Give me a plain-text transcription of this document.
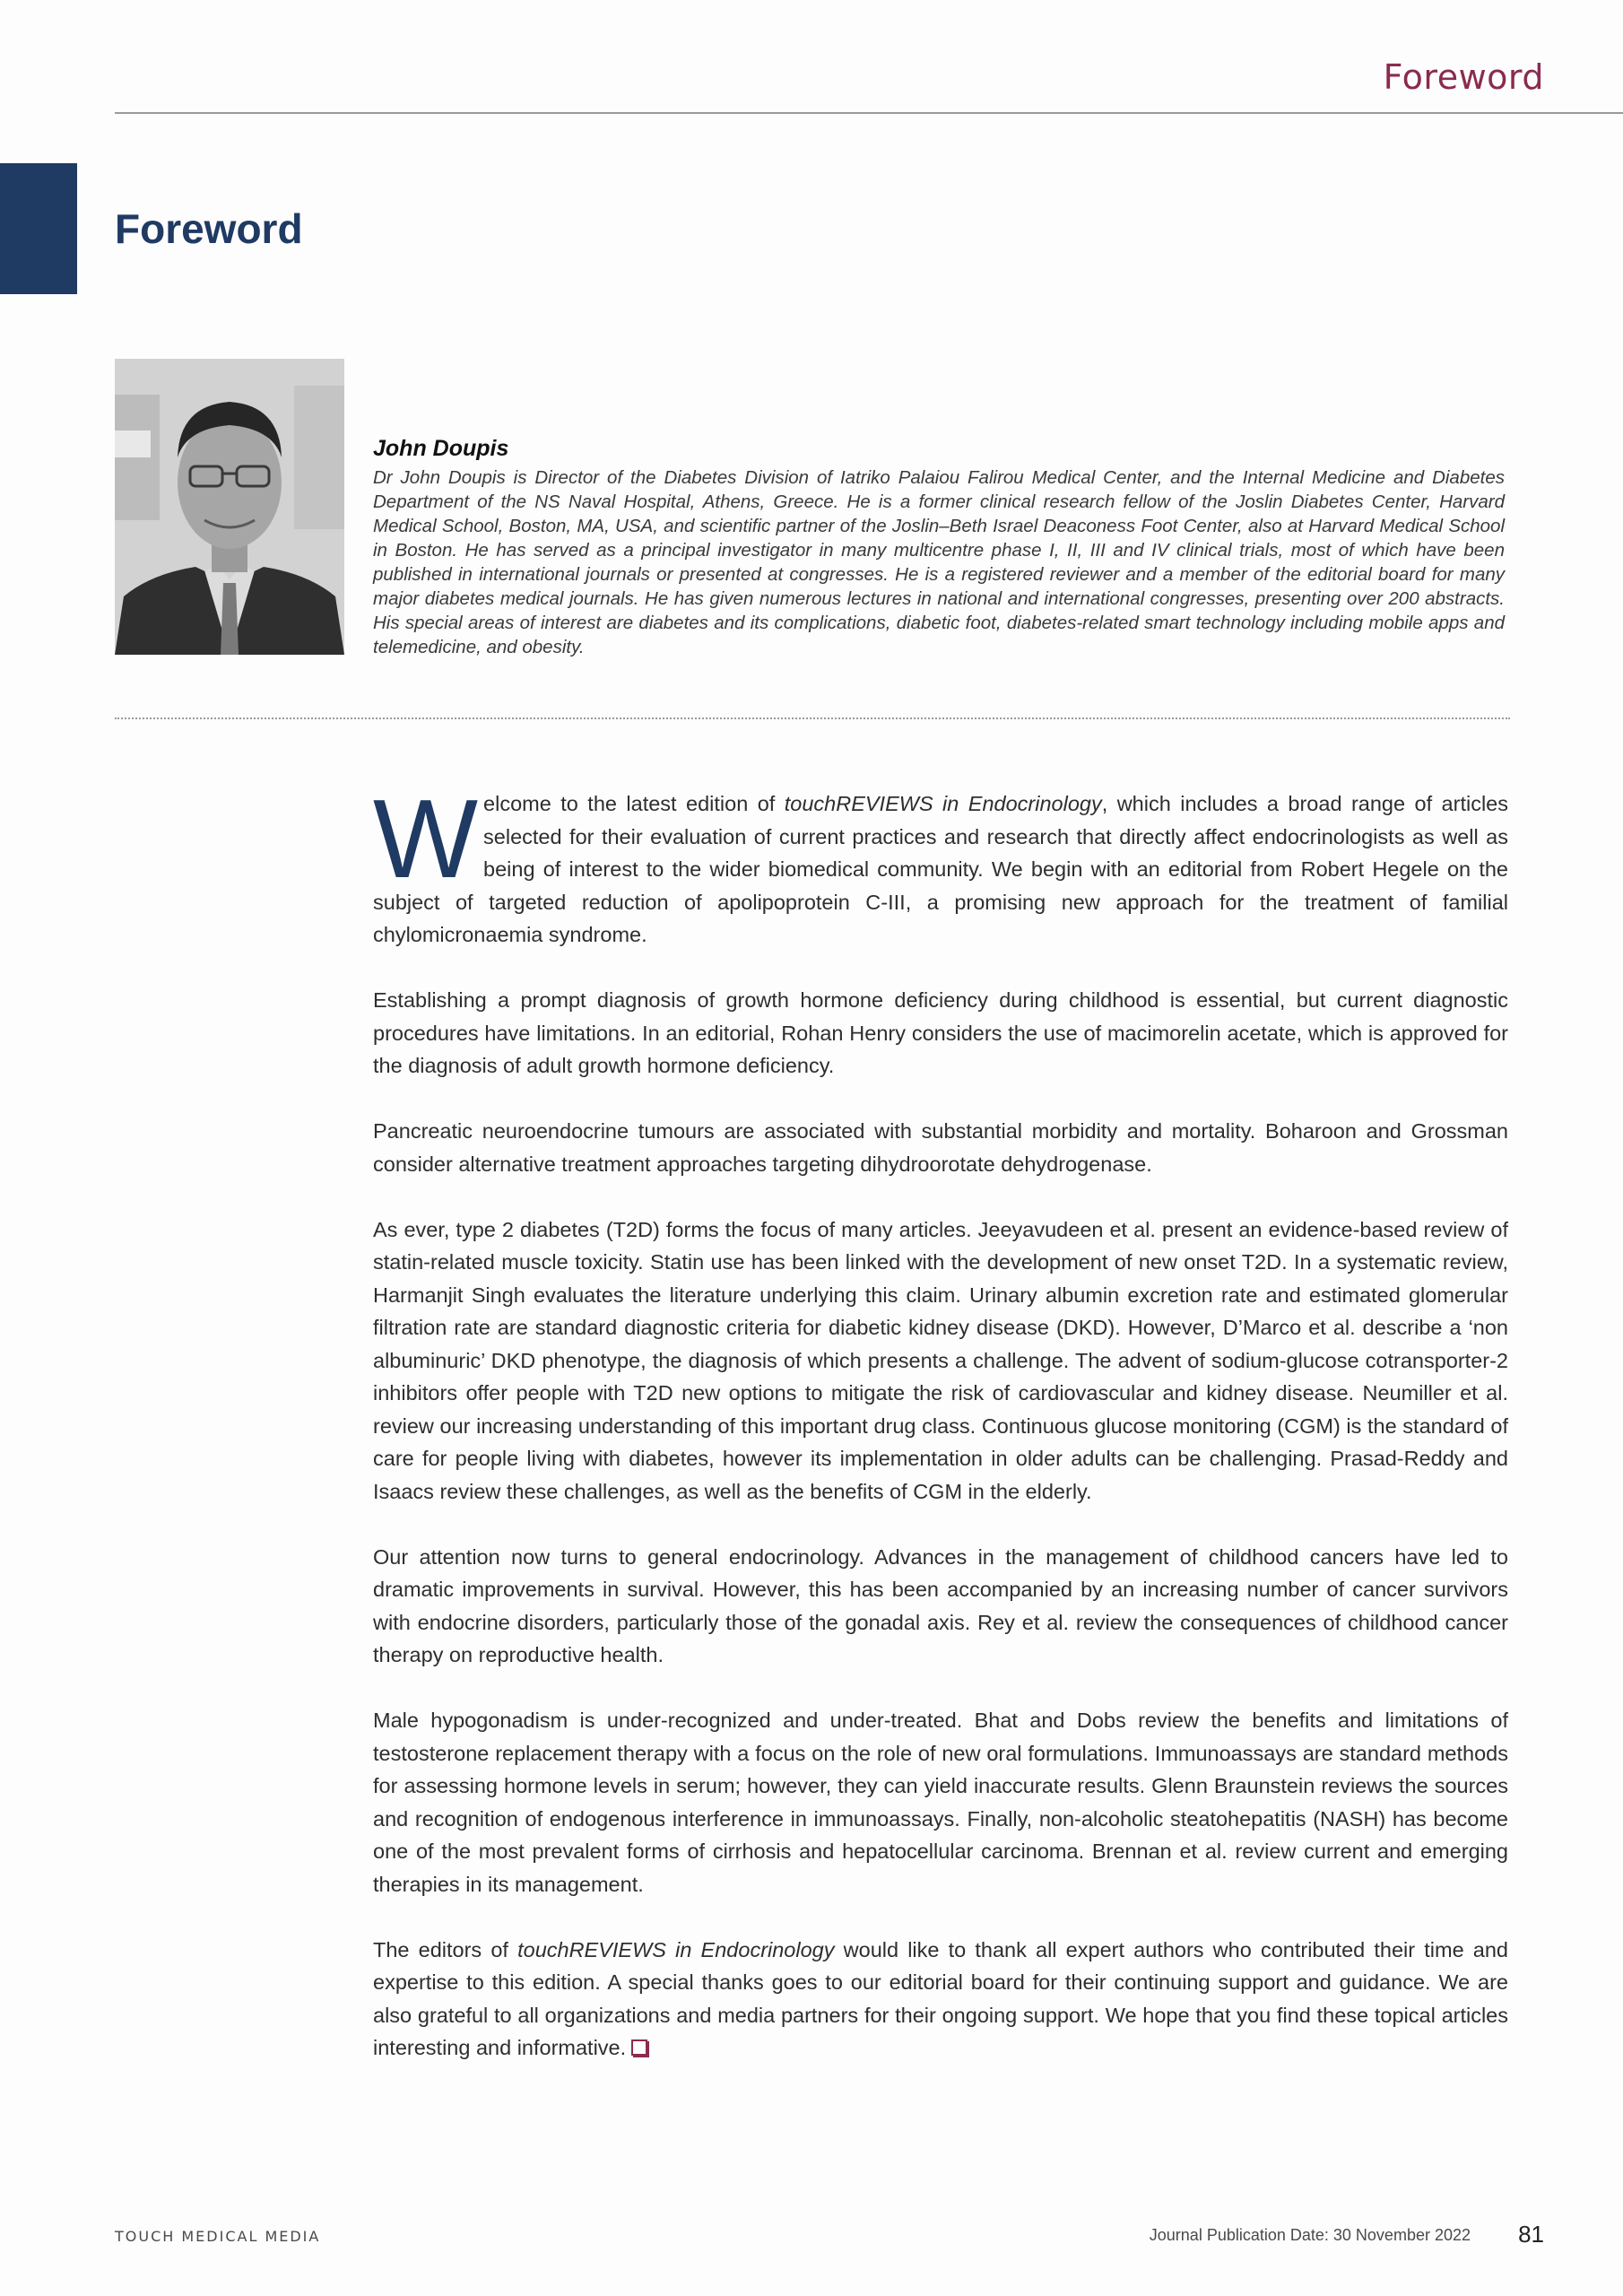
Foreword
Foreword

John Doupis

Dr John Doupis is Director of the Diabetes Division of Iatriko Palaiou Falirou Medical Center, and the Internal Medicine and Diabetes Department of the NS Naval Hospital, Athens, Greece. He is a former clinical research fellow of the Joslin Diabetes Center, Harvard Medical School, Boston, MA, USA, and scientific partner of the Joslin–Beth Israel Deaconess Foot Center, also at Harvard Medical School in Boston. He has served as a principal investigator in many multicentre phase I, II, III and IV clinical trials, most of which have been published in international journals or presented at congresses. He is a registered reviewer and a member of the editorial board for many major diabetes medical journals. He has given numerous lectures in national and international congresses, presenting over 200 abstracts. His special areas of interest are diabetes and its complications, diabetic foot, diabetes-related smart technology including mobile apps and telemedicine, and obesity.

Welcome to the latest edition of touchREVIEWS in Endocrinology, which includes a broad range of articles selected for their evaluation of current practices and research that directly affect endocrinologists as well as being of interest to the wider biomedical community. We begin with an editorial from Robert Hegele on the subject of targeted reduction of apolipoprotein C-III, a promising new approach for the treatment of familial chylomicronaemia syndrome.

Establishing a prompt diagnosis of growth hormone deficiency during childhood is essential, but current diagnostic procedures have limitations. In an editorial, Rohan Henry considers the use of macimorelin acetate, which is approved for the diagnosis of adult growth hormone deficiency.

Pancreatic neuroendocrine tumours are associated with substantial morbidity and mortality. Boharoon and Grossman consider alternative treatment approaches targeting dihydroorotate dehydrogenase.

As ever, type 2 diabetes (T2D) forms the focus of many articles. Jeeyavudeen et al. present an evidence-based review of statin-related muscle toxicity. Statin use has been linked with the development of new onset T2D. In a systematic review, Harmanjit Singh evaluates the literature underlying this claim. Urinary albumin excretion rate and estimated glomerular filtration rate are standard diagnostic criteria for diabetic kidney disease (DKD). However, D’Marco et al. describe a ‘non albuminuric’ DKD phenotype, the diagnosis of which presents a challenge. The advent of sodium-glucose cotransporter-2 inhibitors offer people with T2D new options to mitigate the risk of cardiovascular and kidney disease. Neumiller et al. review our increasing understanding of this important drug class. Continuous glucose monitoring (CGM) is the standard of care for people living with diabetes, however its implementation in older adults can be challenging. Prasad-Reddy and Isaacs review these challenges, as well as the benefits of CGM in the elderly.

Our attention now turns to general endocrinology. Advances in the management of childhood cancers have led to dramatic improvements in survival. However, this has been accompanied by an increasing number of cancer survivors with endocrine disorders, particularly those of the gonadal axis. Rey et al. review the consequences of childhood cancer therapy on reproductive health.

Male hypogonadism is under-recognized and under-treated. Bhat and Dobs review the benefits and limitations of testosterone replacement therapy with a focus on the role of new oral formulations. Immunoassays are standard methods for assessing hormone levels in serum; however, they can yield inaccurate results. Glenn Braunstein reviews the sources and recognition of endogenous interference in immunoassays. Finally, non-alcoholic steatohepatitis (NASH) has become one of the most prevalent forms of cirrhosis and hepatocellular carcinoma. Brennan et al. review current and emerging therapies in its management.

The editors of touchREVIEWS in Endocrinology would like to thank all expert authors who contributed their time and expertise to this edition. A special thanks goes to our editorial board for their continuing support and guidance. We are also grateful to all organizations and media partners for their ongoing support. We hope that you find these topical articles interesting and informative.

TOUCH MEDICAL MEDIA	Journal Publication Date: 30 November 2022 81
